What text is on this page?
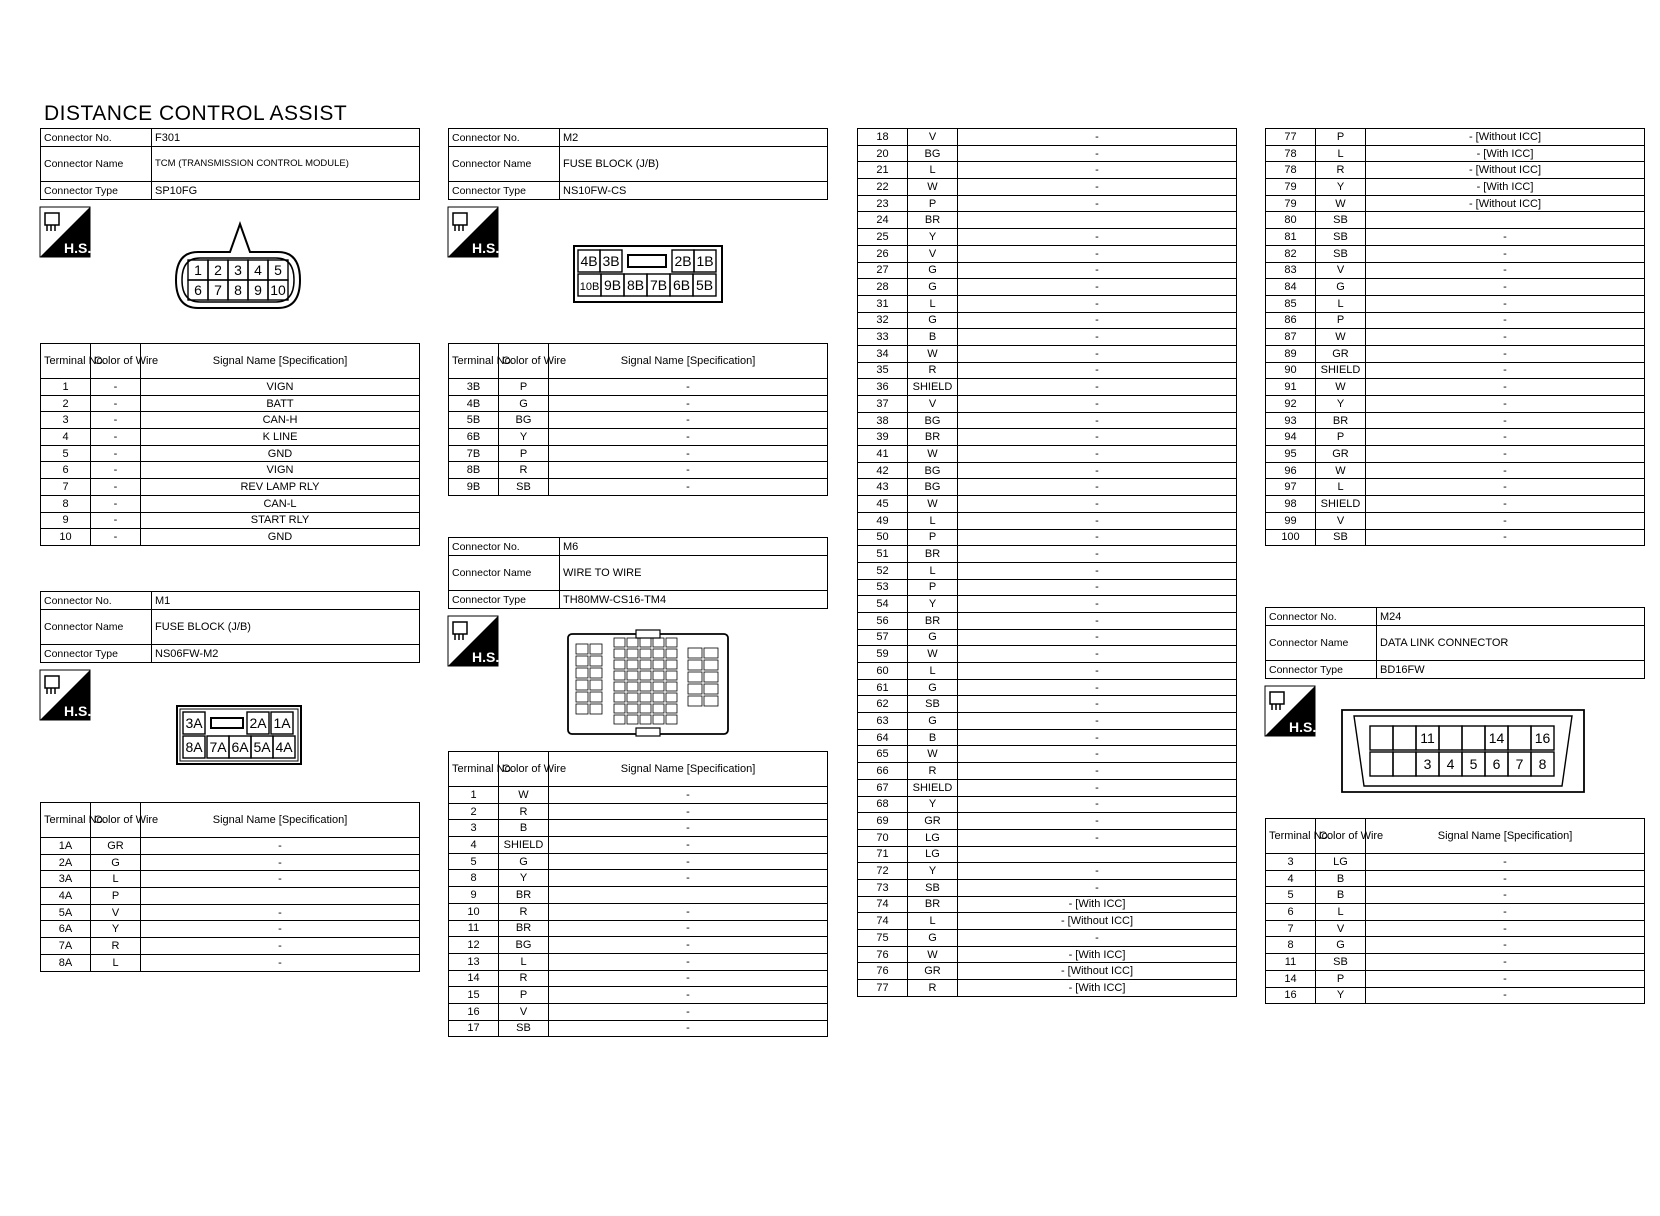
DISTANCE CONTROL ASSIST
Connector No.	F301
Connector Name	TCM (TRANSMISSION CONTROL MODULE)
Connector Type	SP10FG
H.S.
1
6
2
7
3
8
4
9
5
10
Terminal No.	Color of Wire	Signal Name [Specification]
1	-	VIGN
2	-	BATT
3	-	CAN-H
4	-	K LINE
5	-	GND
6	-	VIGN
7	-	REV LAMP RLY
8	-	CAN-L
9	-	START RLY
10	-	GND
Connector No.	M1
Connector Name	FUSE BLOCK (J/B)
Connector Type	NS06FW-M2
H.S.
3A	2A 1A
8A 7A 6A 5A 4A
Terminal No.	Color of Wire	Signal Name [Specification]
1A	GR	-
2A	G	-
3A	L	-
4A	P	
5A	V	-
6A	Y	-
7A	R	-
8A	L	-
Connector No.	M2
Connector Name	FUSE BLOCK (J/B)
Connector Type	NS10FW-CS
H.S.
4B 3B	2B 1B
10B 9B 8B 7B 6B 5B
Terminal No.	Color of Wire	Signal Name [Specification]
3B	P	-
4B	G	-
5B	BG	-
6B	Y	-
7B	P	-
8B	R	-
9B	SB	-
Connector No.	M6
Connector Name	WIRE TO WIRE
Connector Type	TH80MW-CS16-TM4
H.S.
Terminal No.	Color of Wire	Signal Name [Specification]
1	W	-
2	R	-
3	B	-
4	SHIELD	-
5	G	-
8	Y	-
9	BR	
10	R	-
11	BR	-
12	BG	-
13	L	-
14	R	-
15	P	-
16	V	-
17	SB	-
18	V	-
20	BG	-
21	L	-
22	W	-
23	P	-
24	BR	
25	Y	-
26	V	-
27	G	-
28	G	-
31	L	-
32	G	-
33	B	-
34	W	-
35	R	-
36	SHIELD	-
37	V	-
38	BG	-
39	BR	-
41	W	-
42	BG	-
43	BG	-
45	W	-
49	L	-
50	P	-
51	BR	-
52	L	-
53	P	-
54	Y	-
56	BR	-
57	G	-
59	W	-
60	L	-
61	G	-
62	SB	-
63	G	-
64	B	-
65	W	-
66	R	-
67	SHIELD	-
68	Y	-
69	GR	-
70	LG	-
71	LG	
72	Y	-
73	SB	-
74	BR	- [With ICC]
74	L	- [Without ICC]
75	G	-
76	W	- [With ICC]
76	GR	- [Without ICC]
77	R	- [With ICC]
77	P	- [Without ICC]
78	L	- [With ICC]
78	R	- [Without ICC]
79	Y	- [With ICC]
79	W	- [Without ICC]
80	SB	
81	SB	-
82	SB	-
83	V	-
84	G	-
85	L	-
86	P	-
87	W	-
89	GR	-
90	SHIELD	-
91	W	-
92	Y	-
93	BR	-
94	P	-
95	GR	-
96	W	-
97	L	-
98	SHIELD	-
99	V	-
100	SB	-
Connector No.	M24
Connector Name	DATA LINK CONNECTOR
Connector Type	BD16FW
H.S.
11
3 4 5
14
6 7
16
8
Terminal No.	Color of Wire	Signal Name [Specification]
3	LG	-
4	B	-
5	B	-
6	L	-
7	V	-
8	G	-
11	SB	-
14	P	-
16	Y	-
